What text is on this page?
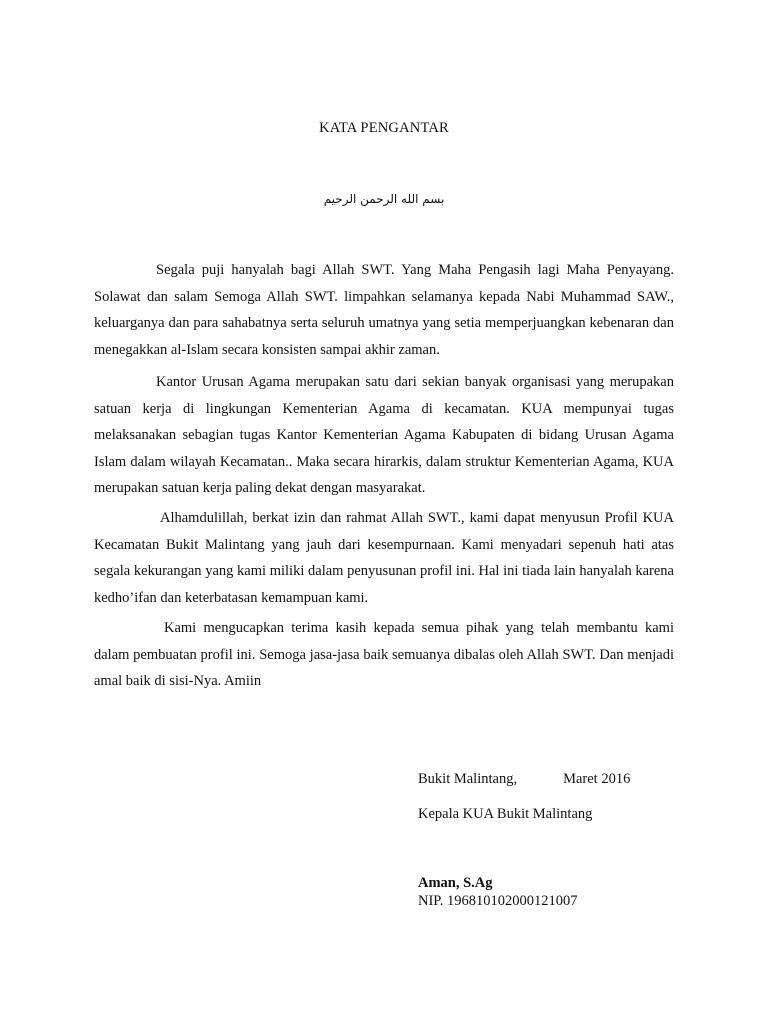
KATA PENGANTAR
بسم الله الرحمن الرحيم

Segala puji hanyalah bagi Allah SWT. Yang Maha Pengasih lagi Maha Penyayang. Solawat dan salam Semoga Allah SWT. limpahkan selamanya kepada Nabi Muhammad SAW., keluarganya dan para sahabatnya serta seluruh umatnya yang setia memperjuangkan kebenaran dan menegakkan al-Islam secara konsisten sampai akhir zaman.

Kantor Urusan Agama merupakan satu dari sekian banyak organisasi yang merupakan satuan kerja di lingkungan Kementerian Agama di kecamatan. KUA mempunyai tugas melaksanakan sebagian tugas Kantor Kementerian Agama Kabupaten di bidang Urusan Agama Islam dalam wilayah Kecamatan.. Maka secara hirarkis, dalam struktur Kementerian Agama, KUA merupakan satuan kerja paling dekat dengan masyarakat.

Alhamdulillah, berkat izin dan rahmat Allah SWT., kami dapat menyusun Profil KUA Kecamatan Bukit Malintang yang jauh dari kesempurnaan. Kami menyadari sepenuh hati atas segala kekurangan yang kami miliki dalam penyusunan profil ini. Hal ini tiada lain hanyalah karena kedho’ifan dan keterbatasan kemampuan kami.

Kami mengucapkan terima kasih kepada semua pihak yang telah membantu kami dalam pembuatan profil ini. Semoga jasa-jasa baik semuanya dibalas oleh Allah SWT. Dan menjadi amal baik di sisi-Nya. Amiin

Bukit Malintang,	Maret 2016
Kepala KUA Bukit Malintang
Aman, S.Ag
NIP. 196810102000121007
